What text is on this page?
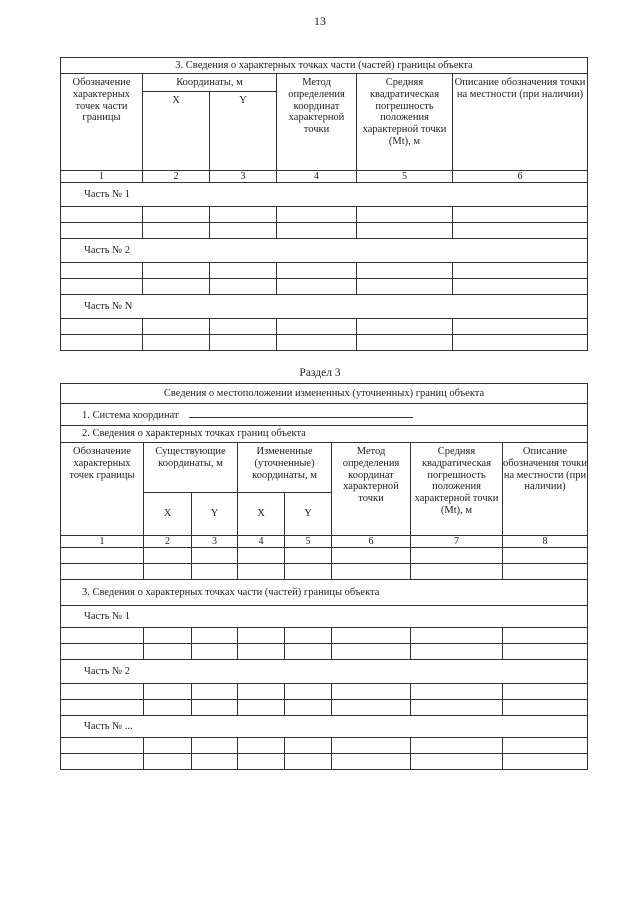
13
3. Сведения о характерных точках части (частей) границы объекта					
Обозначение характерных точек части границы	Координаты, м		Метод определения координат характерной точки	Средняя квадратическая погрешность положения характерной точки (Mt), м	Описание обозначения точки на местности (при наличии)
	X	Y			
1	2	3	4	5	6
Часть № 1					

Часть № 2					

Часть № N					

Раздел 3
Сведения о местоположении измененных (уточненных) границ объекта							
1. Система координат							
2. Сведения о характерных точках границ объекта							
Обозначение характерных точек границы	Существующие координаты, м		Измененные (уточненные) координаты, м		Метод определения координат характерной точки	Средняя квадратическая погрешность положения характерной точки (Mt), м	Описание обозначения точки на местности (при наличии)
	X	Y	X	Y			
1	2	3	4	5	6	7	8

3. Сведения о характерных точках части (частей) границы объекта							
Часть № 1							

Часть № 2							

Часть № ...							
